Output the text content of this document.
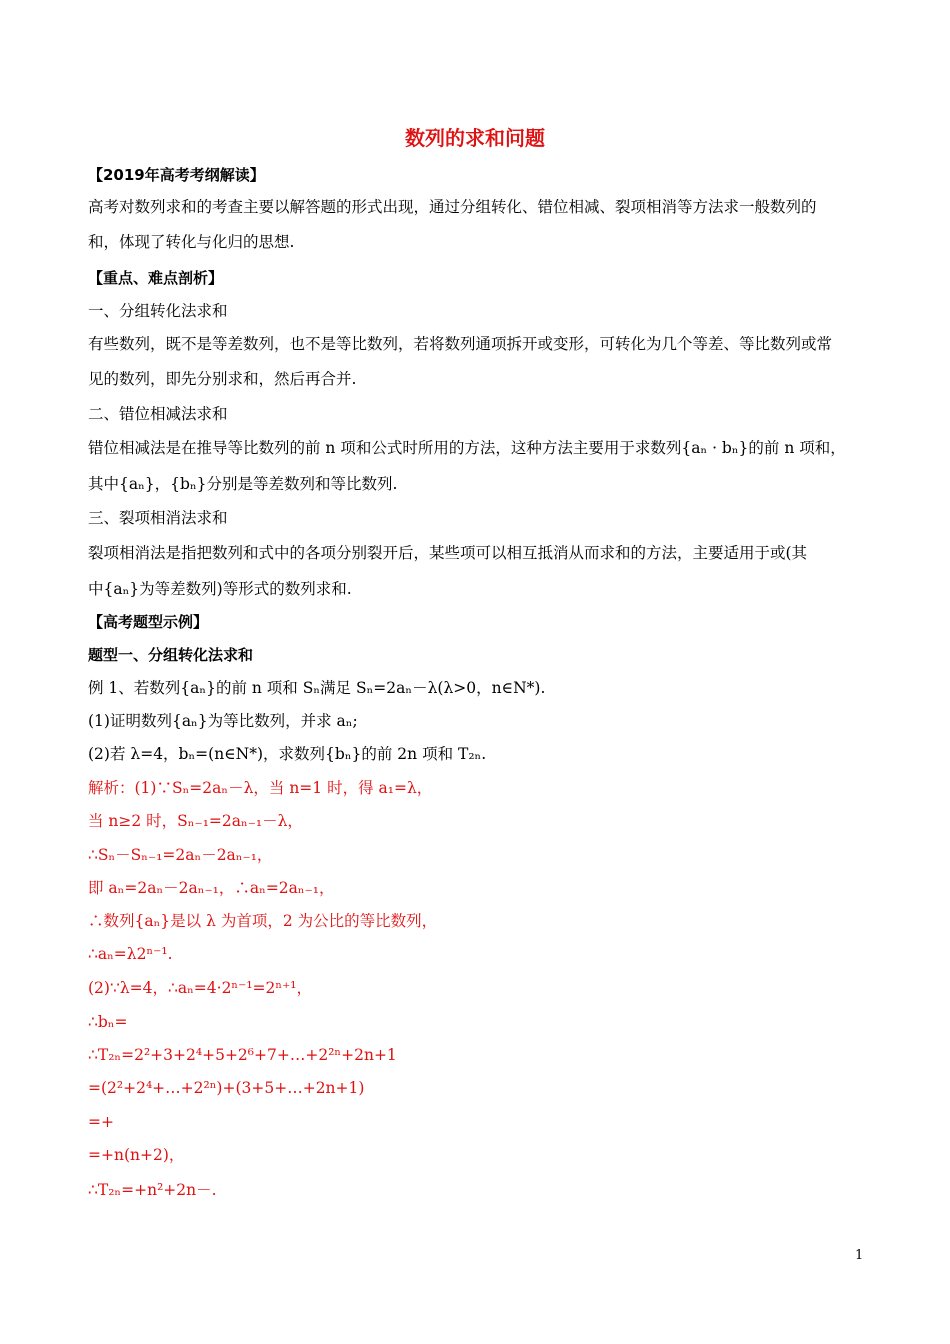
数列的求和问题
【2019年高考考纲解读】
高考对数列求和的考查主要以解答题的形式出现，通过分组转化、错位相减、裂项相消等方法求一般数列的
和，体现了转化与化归的思想.
【重点、难点剖析】
一、分组转化法求和
有些数列，既不是等差数列，也不是等比数列，若将数列通项拆开或变形，可转化为几个等差、等比数列或常
见的数列，即先分别求和，然后再合并.
二、错位相减法求和
错位相减法是在推导等比数列的前 n 项和公式时所用的方法，这种方法主要用于求数列{aₙ · bₙ}的前 n 项和，
其中{aₙ}，{bₙ}分别是等差数列和等比数列.
三、裂项相消法求和
裂项相消法是指把数列和式中的各项分别裂开后，某些项可以相互抵消从而求和的方法，主要适用于或(其
中{aₙ}为等差数列)等形式的数列求和.
【高考题型示例】
题型一、分组转化法求和
例 1、若数列{aₙ}的前 n 项和 Sₙ满足 Sₙ=2aₙ－λ(λ>0，n∈N*).
(1)证明数列{aₙ}为等比数列，并求 aₙ;
(2)若 λ=4，bₙ=(n∈N*)，求数列{bₙ}的前 2n 项和 T₂ₙ.
解析：(1)∵Sₙ=2aₙ－λ，当 n=1 时，得 a₁=λ，
当 n≥2 时，Sₙ₋₁=2aₙ₋₁－λ，
∴Sₙ－Sₙ₋₁=2aₙ－2aₙ₋₁，
即 aₙ=2aₙ－2aₙ₋₁，∴aₙ=2aₙ₋₁，
∴数列{aₙ}是以 λ 为首项，2 为公比的等比数列，
∴aₙ=λ2ⁿ⁻¹.
(2)∵λ=4，∴aₙ=4·2ⁿ⁻¹=2ⁿ⁺¹，
∴bₙ=
∴T₂ₙ=2²+3+2⁴+5+2⁶+7+…+2²ⁿ+2n+1
=(2²+2⁴+…+2²ⁿ)+(3+5+…+2n+1)
=+
=+n(n+2)，
∴T₂ₙ=+n²+2n－.
1
